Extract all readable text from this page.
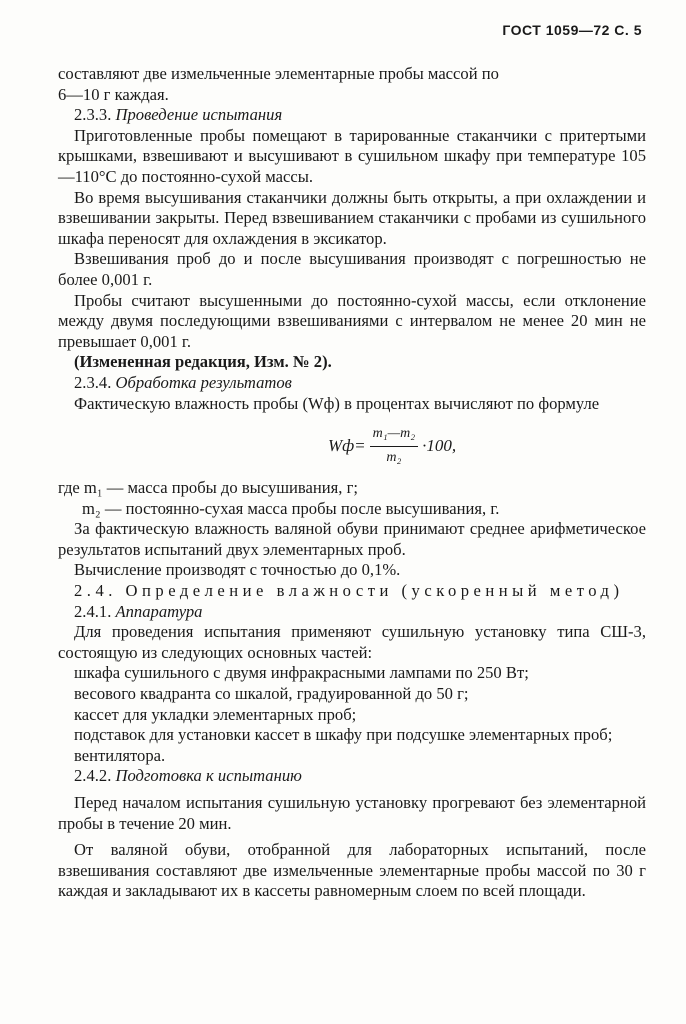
ГОСТ 1059—72 С. 5

составляют две измельченные элементарные пробы массой по

6—10 г каждая.

2.3.3. Проведение испытания

Приготовленные пробы помещают в тарированные стаканчики с притертыми крышками, взвешивают и высушивают в сушильном шкафу при температуре 105—110°С до постоянно-сухой массы.

Во время высушивания стаканчики должны быть открыты, а при охлаждении и взвешивании закрыты. Перед взвешиванием стаканчики с пробами из сушильного шкафа переносят для охлаждения в эксикатор.

Взвешивания проб до и после высушивания производят с погрешностью не более 0,001 г.

Пробы считают высушенными до постоянно-сухой массы, если отклонение между двумя последующими взвешиваниями с интервалом не менее 20 мин не превышает 0,001 г.

(Измененная редакция, Изм. № 2).

2.3.4. Обработка результатов

Фактическую влажность пробы (Wф) в процентах вычисляют по формуле

Wф = $\frac{\text{m₁—m₂}}{\text{m₂}} \cdot 100$,

где m₁ — масса пробы до высушивания, г;

m₂ — постоянно-сухая масса пробы после высушивания, г.

За фактическую влажность валяной обуви принимают среднее арифметическое результатов испытаний двух элементарных проб.

Вычисление производят с точностью до 0,1%.

2.4. Определение влажности (ускоренный метод)

2.4.1. Аппаратура

Для проведения испытания применяют сушильную установку типа СШ-3, состоящую из следующих основных частей:

шкафа сушильного с двумя инфракрасными лампами по 250 Вт;

весового квадранта со шкалой, градуированной до 50 г;

кассет для укладки элементарных проб;

подставок для установки кассет в шкафу при подсушке элементарных проб;

вентилятора.

2.4.2. Подготовка к испытанию

Перед началом испытания сушильную установку прогревают без элементарной пробы в течение 20 мин.

От валяной обуви, отобранной для лабораторных испытаний, после взвешивания составляют две измельченные элементарные пробы массой по 30 г каждая и закладывают их в кассеты равномерным слоем по всей площади.
